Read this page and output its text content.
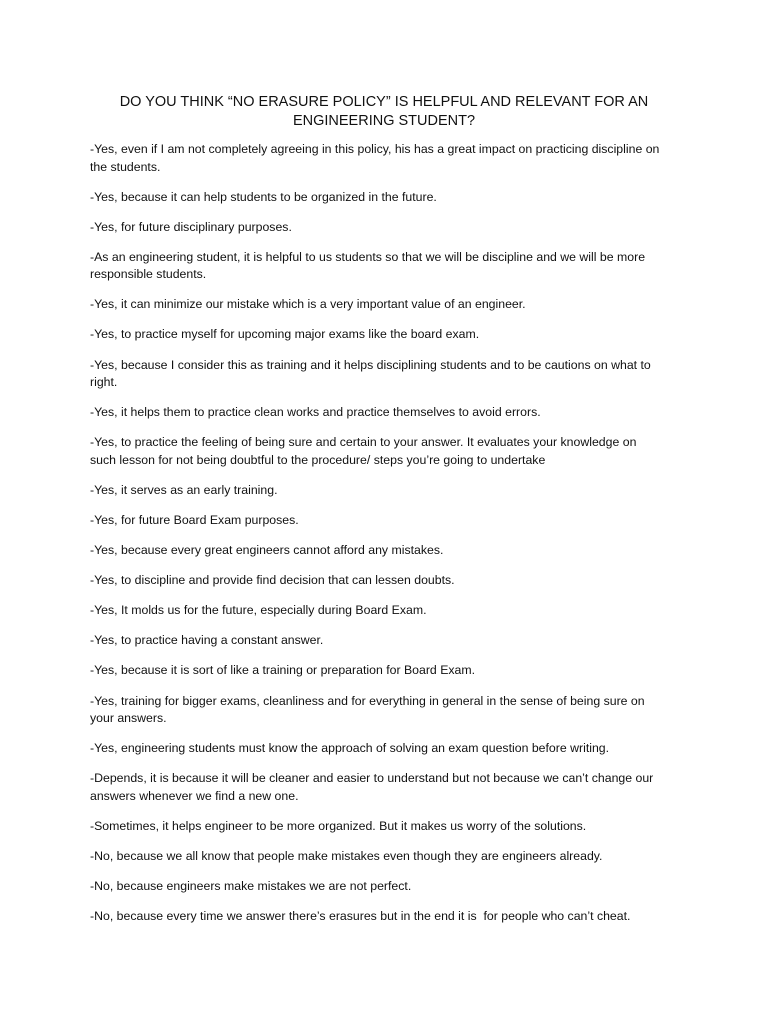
DO YOU THINK “NO ERASURE POLICY” IS HELPFUL AND RELEVANT FOR AN ENGINEERING STUDENT?
-Yes, even if I am not completely agreeing in this policy, his has a great impact on practicing discipline on the students.
-Yes, because it can help students to be organized in the future.
-Yes, for future disciplinary purposes.
-As an engineering student, it is helpful to us students so that we will be discipline and we will be more responsible students.
-Yes, it can minimize our mistake which is a very important value of an engineer.
-Yes, to practice myself for upcoming major exams like the board exam.
-Yes, because I consider this as training and it helps disciplining students and to be cautions on what to right.
-Yes, it helps them to practice clean works and practice themselves to avoid errors.
-Yes, to practice the feeling of being sure and certain to your answer. It evaluates your knowledge on such lesson for not being doubtful to the procedure/ steps you’re going to undertake
-Yes, it serves as an early training.
-Yes, for future Board Exam purposes.
-Yes, because every great engineers cannot afford any mistakes.
-Yes, to discipline and provide find decision that can lessen doubts.
-Yes, It molds us for the future, especially during Board Exam.
-Yes, to practice having a constant answer.
-Yes, because it is sort of like a training or preparation for Board Exam.
-Yes, training for bigger exams, cleanliness and for everything in general in the sense of being sure on your answers.
-Yes, engineering students must know the approach of solving an exam question before writing.
-Depends, it is because it will be cleaner and easier to understand but not because we can’t change our answers whenever we find a new one.
-Sometimes, it helps engineer to be more organized. But it makes us worry of the solutions.
-No, because we all know that people make mistakes even though they are engineers already.
-No, because engineers make mistakes we are not perfect.
-No, because every time we answer there’s erasures but in the end it is  for people who can’t cheat.
